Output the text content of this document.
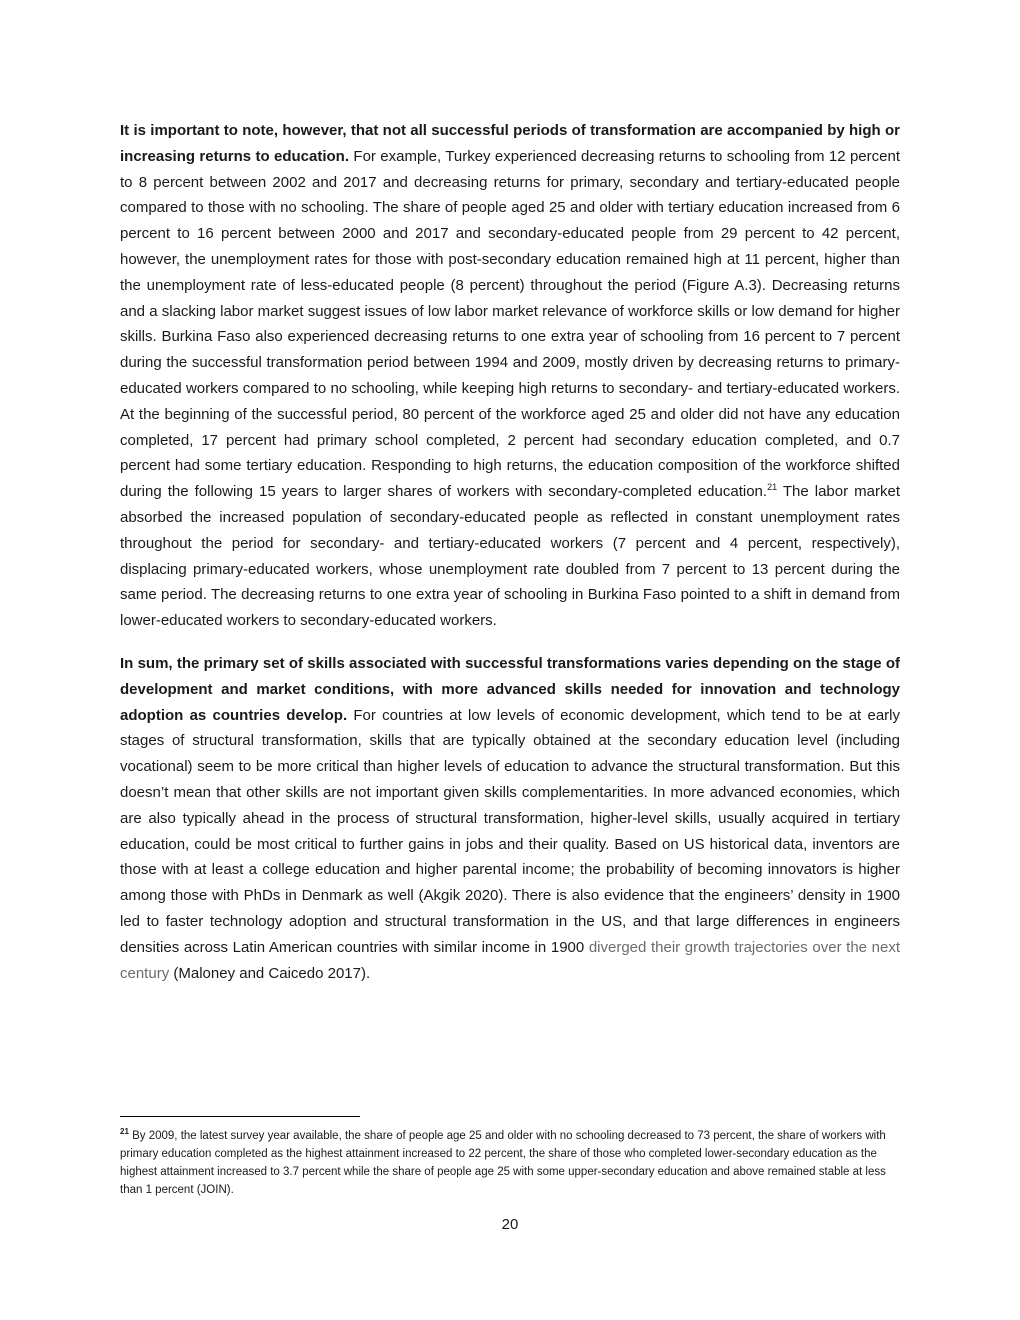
It is important to note, however, that not all successful periods of transformation are accompanied by high or increasing returns to education. For example, Turkey experienced decreasing returns to schooling from 12 percent to 8 percent between 2002 and 2017 and decreasing returns for primary, secondary and tertiary-educated people compared to those with no schooling. The share of people aged 25 and older with tertiary education increased from 6 percent to 16 percent between 2000 and 2017 and secondary-educated people from 29 percent to 42 percent, however, the unemployment rates for those with post-secondary education remained high at 11 percent, higher than the unemployment rate of less-educated people (8 percent) throughout the period (Figure A.3). Decreasing returns and a slacking labor market suggest issues of low labor market relevance of workforce skills or low demand for higher skills. Burkina Faso also experienced decreasing returns to one extra year of schooling from 16 percent to 7 percent during the successful transformation period between 1994 and 2009, mostly driven by decreasing returns to primary-educated workers compared to no schooling, while keeping high returns to secondary- and tertiary-educated workers. At the beginning of the successful period, 80 percent of the workforce aged 25 and older did not have any education completed, 17 percent had primary school completed, 2 percent had secondary education completed, and 0.7 percent had some tertiary education. Responding to high returns, the education composition of the workforce shifted during the following 15 years to larger shares of workers with secondary-completed education.$^{21}$ The labor market absorbed the increased population of secondary-educated people as reflected in constant unemployment rates throughout the period for secondary- and tertiary-educated workers (7 percent and 4 percent, respectively), displacing primary-educated workers, whose unemployment rate doubled from 7 percent to 13 percent during the same period. The decreasing returns to one extra year of schooling in Burkina Faso pointed to a shift in demand from lower-educated workers to secondary-educated workers.

In sum, the primary set of skills associated with successful transformations varies depending on the stage of development and market conditions, with more advanced skills needed for innovation and technology adoption as countries develop. For countries at low levels of economic development, which tend to be at early stages of structural transformation, skills that are typically obtained at the secondary education level (including vocational) seem to be more critical than higher levels of education to advance the structural transformation. But this doesn’t mean that other skills are not important given skills complementarities. In more advanced economies, which are also typically ahead in the process of structural transformation, higher-level skills, usually acquired in tertiary education, could be most critical to further gains in jobs and their quality. Based on US historical data, inventors are those with at least a college education and higher parental income; the probability of becoming innovators is higher among those with PhDs in Denmark as well (Akgik 2020). There is also evidence that the engineers’ density in 1900 led to faster technology adoption and structural transformation in the US, and that large differences in engineers densities across Latin American countries with similar income in 1900 diverged their growth trajectories over the next century (Maloney and Caicedo 2017).

$^{21}$ By 2009, the latest survey year available, the share of people age 25 and older with no schooling decreased to 73 percent, the share of workers with primary education completed as the highest attainment increased to 22 percent, the share of those who completed lower-secondary education as the highest attainment increased to 3.7 percent while the share of people age 25 with some upper-secondary education and above remained stable at less than 1 percent (JOIN).
20
